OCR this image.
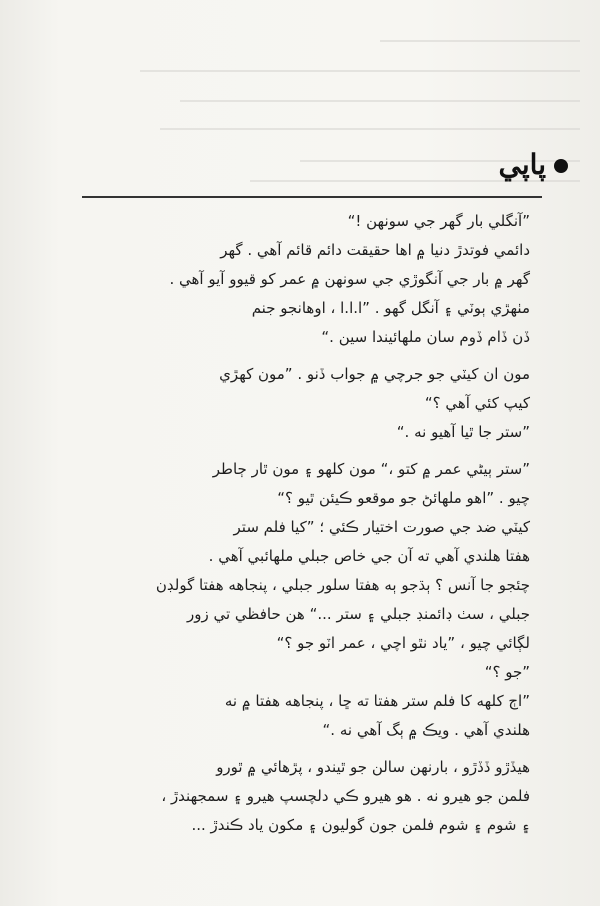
پاپي

”آنگلي بار گهر جي سونهن !“

دائمي فوتدڙ دنيا ۾ اها حقيقت دائم قائم آهي . گهر

گهر ۾ بار جي آنگوڙي جي سونهن ۾ عمر کو قيوو آيو آهي .

مٺهڙي ٻوٽي ۽ آنگل گهو . ”ا.ا.ا ، اوهانجو جنم

ڏن ڏام ڏوم سان ملهائيندا سين .“

مون ان کيٽي جو جرچي ۾ جواب ڏنو . ”مون کهڙي

کيپ کئي آهي ؟“

”ستر جا ٿيا آهيو نه .“

”ستر ٻيڻي عمر ۾ کتو ،“ مون کلهو ۽ مون ٿار ڄاطر

چيو . ”اهو ملهائڻ جو موقعو ڪيئن ٿيو ؟“

کيٽي ضد جي صورت اختيار ڪئي ؛ ”کيا فلم ستر

هفتا هلندي آهي ته آن جي خاص جبلي ملهائبي آهي .

چئجو جا آنس ؟ ٻڌجو ٻه هفتا سلور جبلي ، پنجاهه هفتا گولڊن

جبلي ، سٺ ڊائمنڊ جبلي ۽ ستر ...“ هن حافظي تي زور

لڳائي چيو ، ”ياد نٿو اچي ، عمر اٽو جو ؟“

”جو ؟“

”اڄ کلهه کا فلم ستر هفتا ته ڇا ، پنجاهه هفتا ۾ نه

هلندي آهي . ويڪ ۾ ٻگ آهي نه .“

هيڏڙو ڏڏڙو ، بارنهن سالن جو ٿيندو ، پڙهائي ۾ ٿورو

فلمن جو هيرو نه . هو هيرو ڪي دلچسپ هيرو ۽ سمجهندڙ ،

۽ شوم ۽ شوم فلمن جون گوليون ۽ مکون ياد ڪندڙ ...
